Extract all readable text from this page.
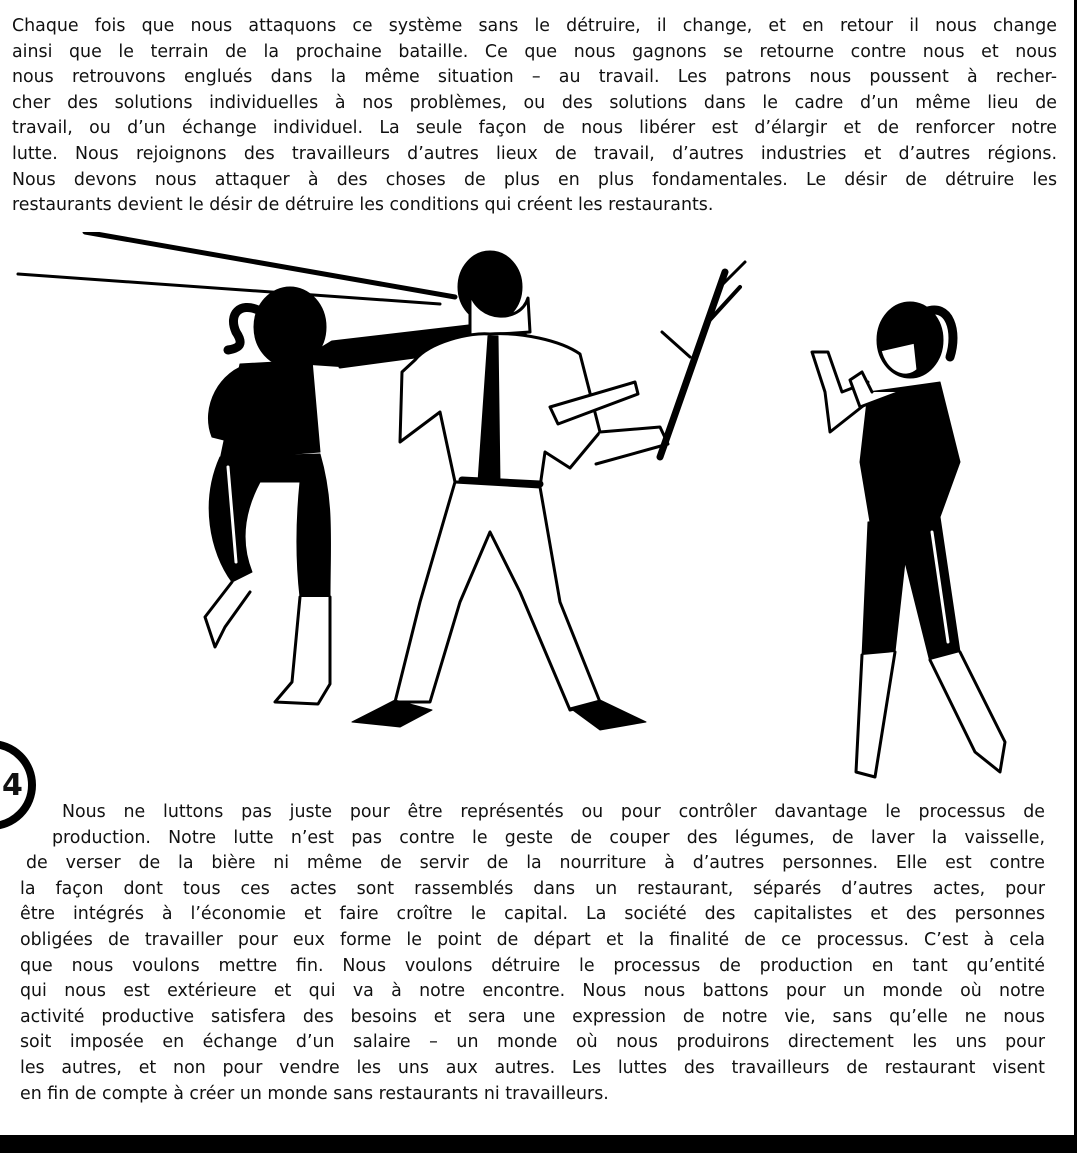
Chaque fois que nous attaquons ce système sans le détruire, il change, et en retour il nous change
ainsi que le terrain de la prochaine bataille. Ce que nous gagnons se retourne contre nous et nous
nous retrouvons englués dans la même situation – au travail. Les patrons nous poussent à recher-
cher des solutions individuelles à nos problèmes, ou des solutions dans le cadre d’un même lieu de
travail, ou d’un échange individuel. La seule façon de nous libérer est d’élargir et de renforcer notre
lutte. Nous rejoignons des travailleurs d’autres lieux de travail, d’autres industries et d’autres régions.
Nous devons nous attaquer à des choses de plus en plus fondamentales. Le désir de détruire les
restaurants devient le désir de détruire les conditions qui créent les restaurants.
4
Nous ne luttons pas juste pour être représentés ou pour contrôler davantage le processus de
production. Notre lutte n’est pas contre le geste de couper des légumes, de laver la vaisselle,
de verser de la bière ni même de servir de la nourriture à d’autres personnes. Elle est contre
la façon dont tous ces actes sont rassemblés dans un restaurant, séparés d’autres actes, pour
être intégrés à l’économie et faire croître le capital. La société des capitalistes et des personnes
obligées de travailler pour eux forme le point de départ et la finalité de ce processus. C’est à cela
que nous voulons mettre fin. Nous voulons détruire le processus de production en tant qu’entité
qui nous est extérieure et qui va à notre encontre. Nous nous battons pour un monde où notre
activité productive satisfera des besoins et sera une expression de notre vie, sans qu’elle ne nous
soit imposée en échange d’un salaire – un monde où nous produirons directement les uns pour
les autres, et non pour vendre les uns aux autres. Les luttes des travailleurs de restaurant visent
en fin de compte à créer un monde sans restaurants ni travailleurs.
